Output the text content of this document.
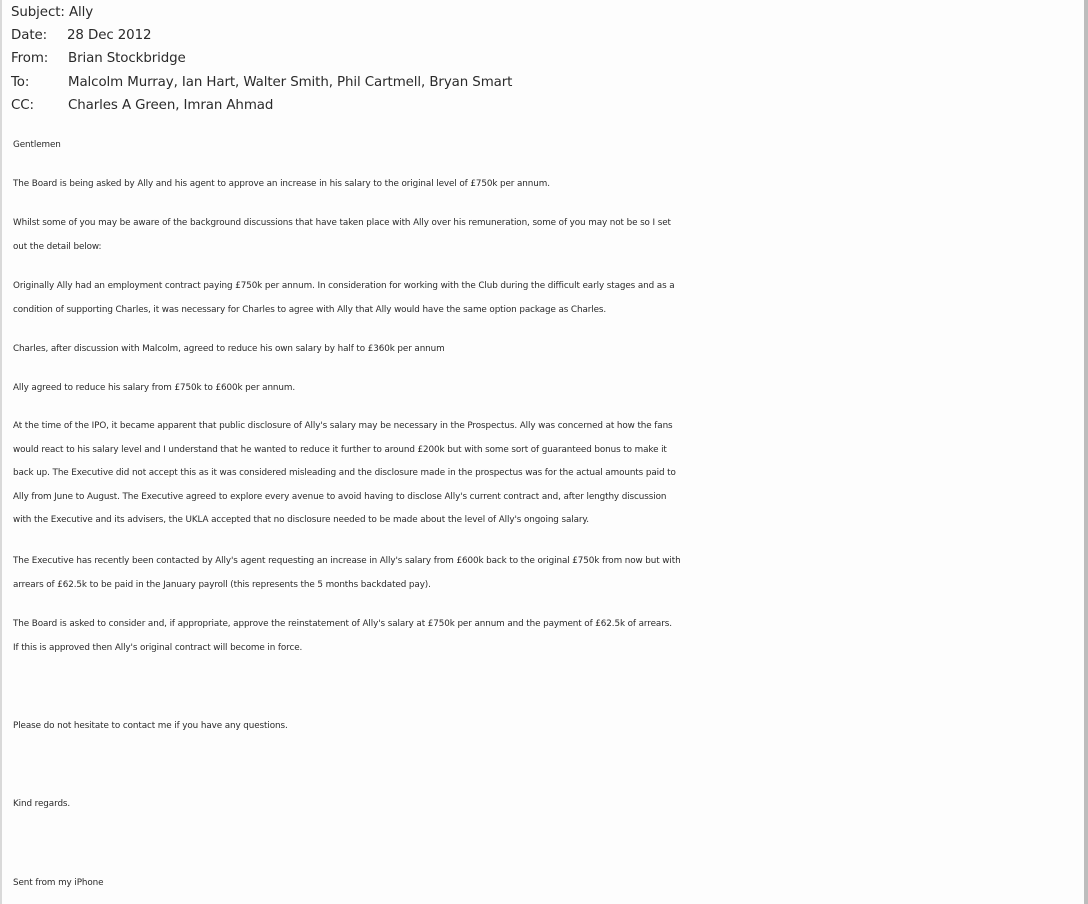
Subject: Ally
Date: 28 Dec 2012
From: Brian Stockbridge
To:	Malcolm Murray, Ian Hart, Walter Smith, Phil Cartmell, Bryan Smart
CC:	Charles A Green, Imran Ahmad
Gentlemen
The Board is being asked by Ally and his agent to approve an increase in his salary to the original level of £750k per annum.
Whilst some of you may be aware of the background discussions that have taken place with Ally over his remuneration, some of you may not be so I set
out the detail below:
Originally Ally had an employment contract paying £750k per annum. In consideration for working with the Club during the difficult early stages and as a
condition of supporting Charles, it was necessary for Charles to agree with Ally that Ally would have the same option package as Charles.
Charles, after discussion with Malcolm, agreed to reduce his own salary by half to £360k per annum
Ally agreed to reduce his salary from £750k to £600k per annum.
At the time of the IPO, it became apparent that public disclosure of Ally's salary may be necessary in the Prospectus. Ally was concerned at how the fans
would react to his salary level and I understand that he wanted to reduce it further to around £200k but with some sort of guaranteed bonus to make it
back up. The Executive did not accept this as it was considered misleading and the disclosure made in the prospectus was for the actual amounts paid to
Ally from June to August. The Executive agreed to explore every avenue to avoid having to disclose Ally's current contract and, after lengthy discussion
with the Executive and its advisers, the UKLA accepted that no disclosure needed to be made about the level of Ally's ongoing salary.
The Executive has recently been contacted by Ally's agent requesting an increase in Ally's salary from £600k back to the original £750k from now but with
arrears of £62.5k to be paid in the January payroll (this represents the 5 months backdated pay).
The Board is asked to consider and, if appropriate, approve the reinstatement of Ally's salary at £750k per annum and the payment of £62.5k of arrears.
If this is approved then Ally's original contract will become in force.
Please do not hesitate to contact me if you have any questions.
Kind regards.
Sent from my iPhone
